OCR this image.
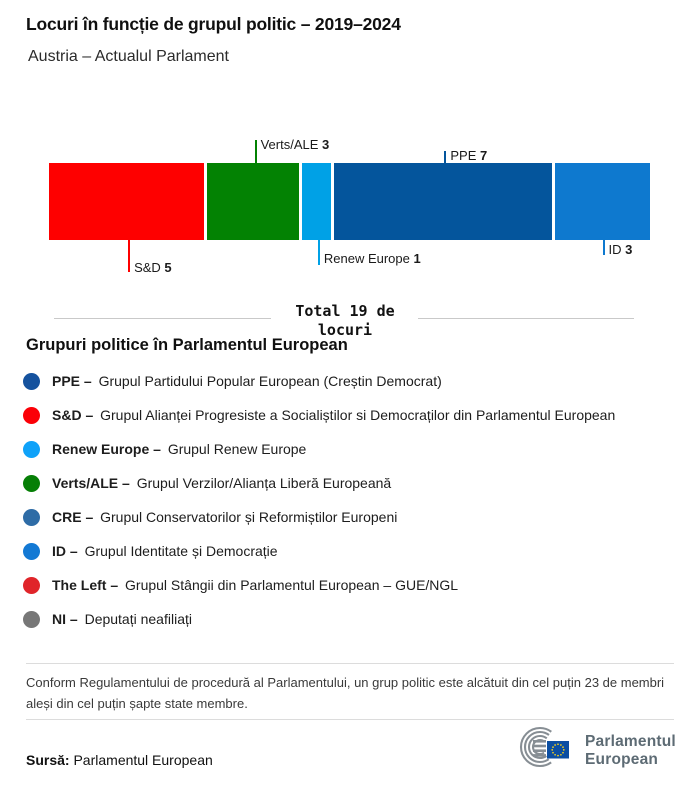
Locuri în funcție de grupul politic – 2019–2024
Austria – Actualul Parlament
S&D 5
Verts/ALE 3
Renew Europe 1
PPE 7
ID 3
Total 19 de locuri
Grupuri politice în Parlamentul European
PPE – Grupul Partidului Popular European (Creștin Democrat)
S&D – Grupul Alianței Progresiste a Socialiștilor si Democraților din Parlamentul European
Renew Europe – Grupul Renew Europe
Verts/ALE – Grupul Verzilor/Alianța Liberă Europeană
CRE – Grupul Conservatorilor și Reformiștilor Europeni
ID – Grupul Identitate și Democrație
The Left – Grupul Stângii din Parlamentul European – GUE/NGL
NI – Deputați neafiliați
Conform Regulamentului de procedură al Parlamentului, un grup politic este alcătuit din cel puțin 23 de membri aleși din cel puțin șapte state membre.
Sursă: Parlamentul European
Parlamentul
European
